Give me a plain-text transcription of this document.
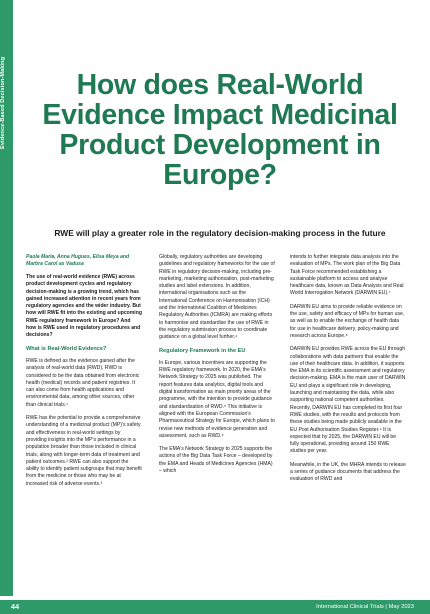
Evidence-Based Decision-Making	How does Real-World Evidence Impact Medicinal Product Development in Europe?
RWE will play a greater role in the regulatory decision-making process in the future

Paola Maria, Anna Hugues, Elisa Meya and Marbra Carol as Vadusa

The use of real-world evidence (RWE) across product development cycles and regulatory decision-making is a growing trend, which has gained increased attention in recent years from regulatory agencies and the wider industry. But how will RWE fit into the existing and upcoming RWE regulatory framework in Europe? And how is RWE used in regulatory procedures and decisions?

What is Real-World Evidence?

RWE is defined as the evidence gained after the analysis of real-world data (RWD). RWD is considered to be the data obtained from electronic health (medical) records and patient registries. It can also come from health applications and environmental data, among other sources, other than clinical trials.¹

RWE has the potential to provide a comprehensive understanding of a medicinal product (MP)'s safety and effectiveness in real-world settings by providing insights into the MP's performance in a population broader than those included in clinical trials, along with longer-term data of treatment and patient outcomes.² RWE can also support the ability to identify patient subgroups that may benefit from the medicine or those who may be at increased risk of adverse events.³

Globally, regulatory authorities are developing guidelines and regulatory frameworks for the use of RWE in regulatory decision-making, including pre-marketing, marketing authorisation, post-marketing studies and label extensions. In addition, international organisations such as the International Conference on Harmonisation (ICH) and the International Coalition of Medicines Regulatory Authorities (ICMRA) are making efforts to harmonise and standardise the use of RWE in the regulatory submission process to coordinate guidance on a global level further.⁴

Regulatory Framework in the EU

In Europe, various incentives are supporting the RWE regulatory framework. In 2020, the EMA's Network Strategy to 2025 was published. The report features data analytics, digital tools and digital transformation as main priority areas of the programme, with the intention to provide guidance and standardisation of RWD.⁵ This initiative is aligned with the European Commission's Pharmaceutical Strategy for Europe, which plans to revise new methods of evidence generation and assessment, such as RWD.⁶

The EMA's Network Strategy to 2025 supports the actions of the Big Data Task Force – developed by the EMA and Heads of Medicines Agencies (HMA) – which

intends to further integrate data analysis into the evaluation of MPs. The work plan of the Big Data Task Force recommended establishing a sustainable platform to access and analyse healthcare data, known as Data Analysis and Real World Interrogation Network (DARWIN EU).⁷

DARWIN EU aims to provide reliable evidence on the use, safety and efficacy of MPs for human use, as well as to enable the exchange of health data for use in healthcare delivery, policy-making and research across Europe.⁸

DARWIN EU provides RWE across the EU through collaborations with data partners that enable the use of their healthcare data. In addition, it supports the EMA in its scientific assessment and regulatory decision-making. EMA is the main user of DARWIN EU and plays a significant role in developing, launching and maintaining the data, while also supporting national competent authorities. Recently, DARWIN EU has completed its first four RWE studies, with the results and protocols from these studies being made publicly available in the EU Post Authorisation Studies Register.⁹ It is expected that by 2025, the DARWIN EU will be fully operational, providing around 150 RWE studies per year.

Meanwhile, in the UK, the MHRA intends to release a series of guidance documents that address the evaluation of RWD and

44	International Clinical Trials | May 2023
